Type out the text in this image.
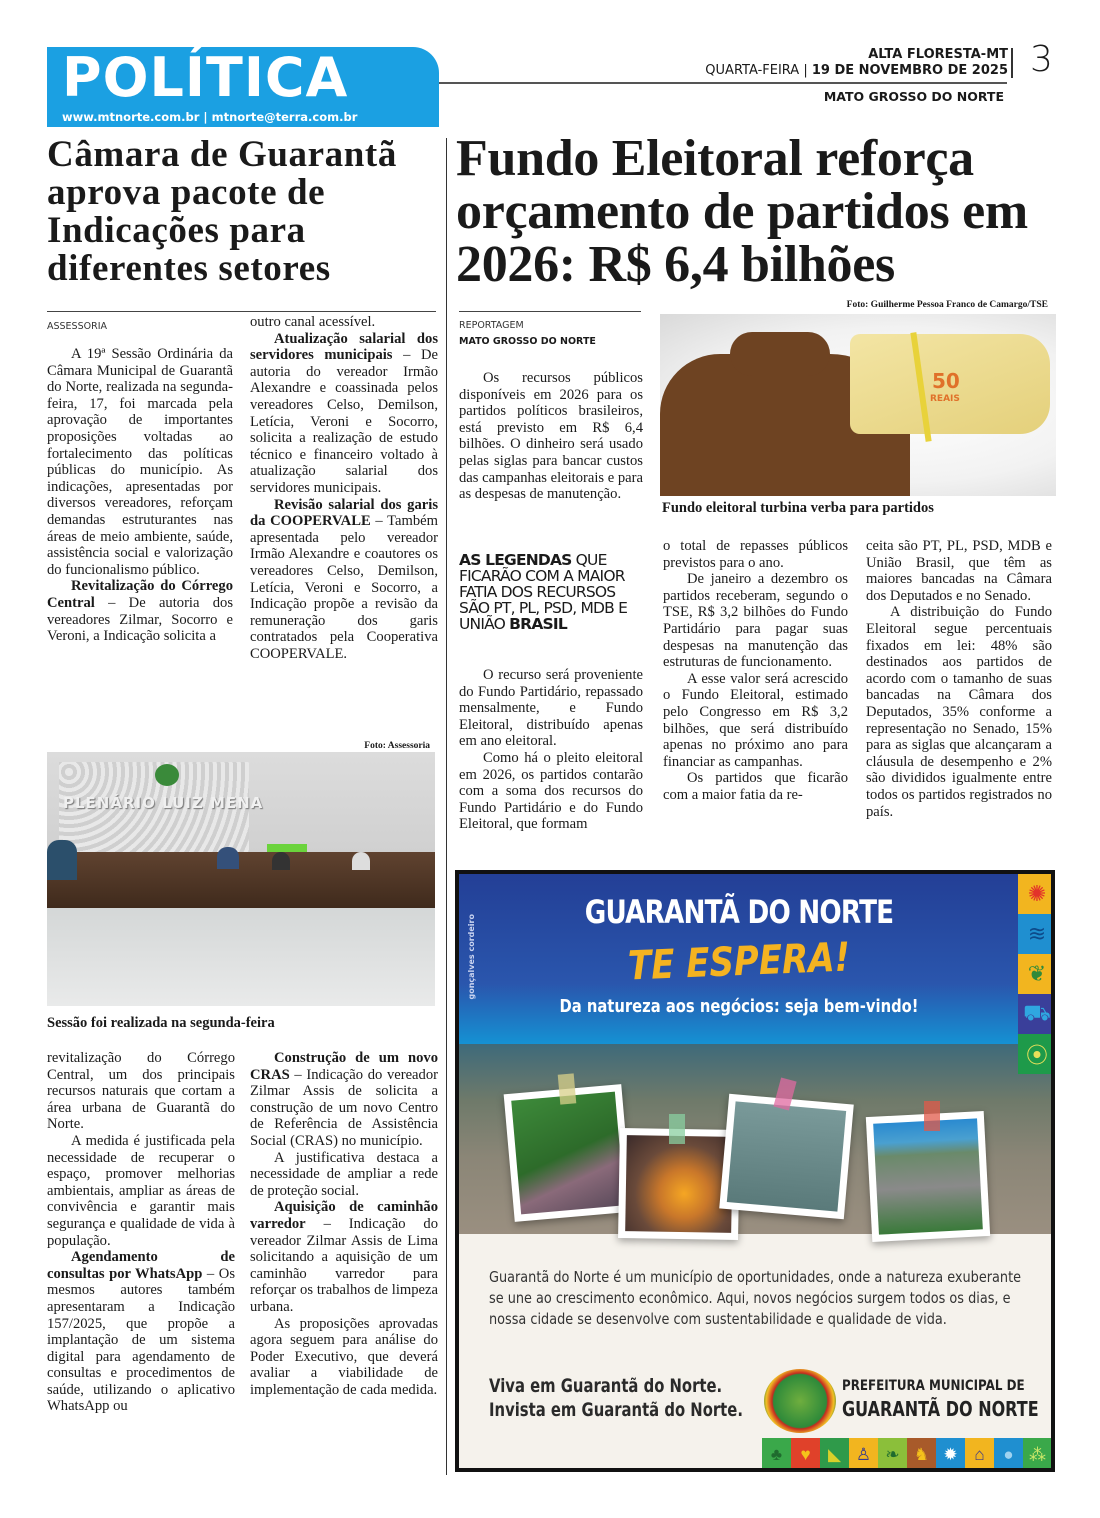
POLÍTICA
www.mtnorte.com.br | mtnorte@terra.com.br
ALTA FLORESTA-MT
QUARTA-FEIRA | 19 DE NOVEMBRO DE 2025 3
MATO GROSSO DO NORTE
Câmara de Guarantã aprova pacote de Indicações para diferentes setores
ASSESSORIA

A 19ª Sessão Ordinária da Câmara Municipal de Guarantã do Norte, realizada na segunda-feira, 17, foi marcada pela aprovação de importantes proposições voltadas ao fortalecimento das políticas públicas do município. As indicações, apresentadas por diversos vereadores, reforçam demandas estruturantes nas áreas de meio ambiente, saúde, assistência social e valorização do funcionalismo público.

Revitalização do Córrego Central – De autoria dos vereadores Zilmar, Socorro e Veroni, a Indicação solicita a

outro canal acessível.

Atualização salarial dos servidores municipais – De autoria do vereador Irmão Alexandre e coassinada pelos vereadores Celso, Demilson, Letícia, Veroni e Socorro, solicita a realização de estudo técnico e financeiro voltado à atualização salarial dos servidores municipais.

Revisão salarial dos garis da COOPERVALE – Também apresentada pelo vereador Irmão Alexandre e coautores os vereadores Celso, Demilson, Letícia, Veroni e Socorro, a Indicação propõe a revisão da remuneração dos garis contratados pela Cooperativa COOPERVALE.

Foto: Assessoria
PLENÁRIO LUIZ MENA
Sessão foi realizada na segunda-feira

revitalização do Córrego Central, um dos principais recursos naturais que cortam a área urbana de Guarantã do Norte.

A medida é justificada pela necessidade de recuperar o espaço, promover melhorias ambientais, ampliar as áreas de convivência e garantir mais segurança e qualidade de vida à população.

Agendamento de consultas por WhatsApp – Os mesmos autores também apresentaram a Indicação 157/2025, que propõe a implantação de um sistema digital para agendamento de consultas e procedimentos de saúde, utilizando o aplicativo WhatsApp ou

Construção de um novo CRAS – Indicação do vereador Zilmar Assis de solicita a construção de um novo Centro de Referência de Assistência Social (CRAS) no município.

A justificativa destaca a necessidade de ampliar a rede de proteção social.

Aquisição de caminhão varredor – Indicação do vereador Zilmar Assis de Lima solicitando a aquisição de um caminhão varredor para reforçar os trabalhos de limpeza urbana.

As proposições aprovadas agora seguem para análise do Poder Executivo, que deverá avaliar a viabilidade de implementação de cada medida.

Fundo Eleitoral reforça orçamento de partidos em 2026: R$ 6,4 bilhões
Foto: Guilherme Pessoa Franco de Camargo/TSE
50
REAIS
Fundo eleitoral turbina verba para partidos
REPORTAGEM
MATO GROSSO DO NORTE

Os recursos públicos disponíveis em 2026 para os partidos políticos brasileiros, está previsto em R$ 6,4 bilhões. O dinheiro será usado pelas siglas para bancar custos das campanhas eleitorais e para as despesas de manutenção.

AS LEGENDAS QUE FICARÃO COM A MAIOR FATIA DOS RECURSOS SÃO PT, PL, PSD, MDB E UNIÃO BRASIL

O recurso será proveniente do Fundo Partidário, repassado mensalmente, e Fundo Eleitoral, distribuído apenas em ano eleitoral.

Como há o pleito eleitoral em 2026, os partidos contarão com a soma dos recursos do Fundo Partidário e do Fundo Eleitoral, que formam

o total de repasses públicos previstos para o ano.

De janeiro a dezembro os partidos receberam, segundo o TSE, R$ 3,2 bilhões do Fundo Partidário para pagar suas despesas na manutenção das estruturas de funcionamento.

A esse valor será acrescido o Fundo Eleitoral, estimado pelo Congresso em R$ 3,2 bilhões, que será distribuído apenas no próximo ano para financiar as campanhas.

Os partidos que ficarão com a maior fatia da re-

ceita são PT, PL, PSD, MDB e União Brasil, que têm as maiores bancadas na Câmara dos Deputados e no Senado.

A distribuição do Fundo Eleitoral segue percentuais fixados em lei: 48% são destinados aos partidos de acordo com o tamanho de suas bancadas na Câmara dos Deputados, 35% conforme a representação no Senado, 15% para as siglas que alcançaram a cláusula de desempenho e 2% são divididos igualmente entre todos os partidos registrados no país.

gonçalves cordeiro
GUARANTÃ DO NORTE
TE ESPERA!
Da natureza aos negócios: seja bem-vindo!
✺
≋
❦
⛟
⦿
Guarantã do Norte é um município de oportunidades, onde a natureza exuberante se une ao crescimento econômico. Aqui, novos negócios surgem todos os dias, e nossa cidade se desenvolve com sustentabilidade e qualidade de vida.
Viva em Guarantã do Norte.
Invista em Guarantã do Norte.
PREFEITURA MUNICIPAL DE
GUARANTÃ DO NORTE
♣	♥	◣ ♙ ❧ ♞ ✹ ⌂	● ⁂
